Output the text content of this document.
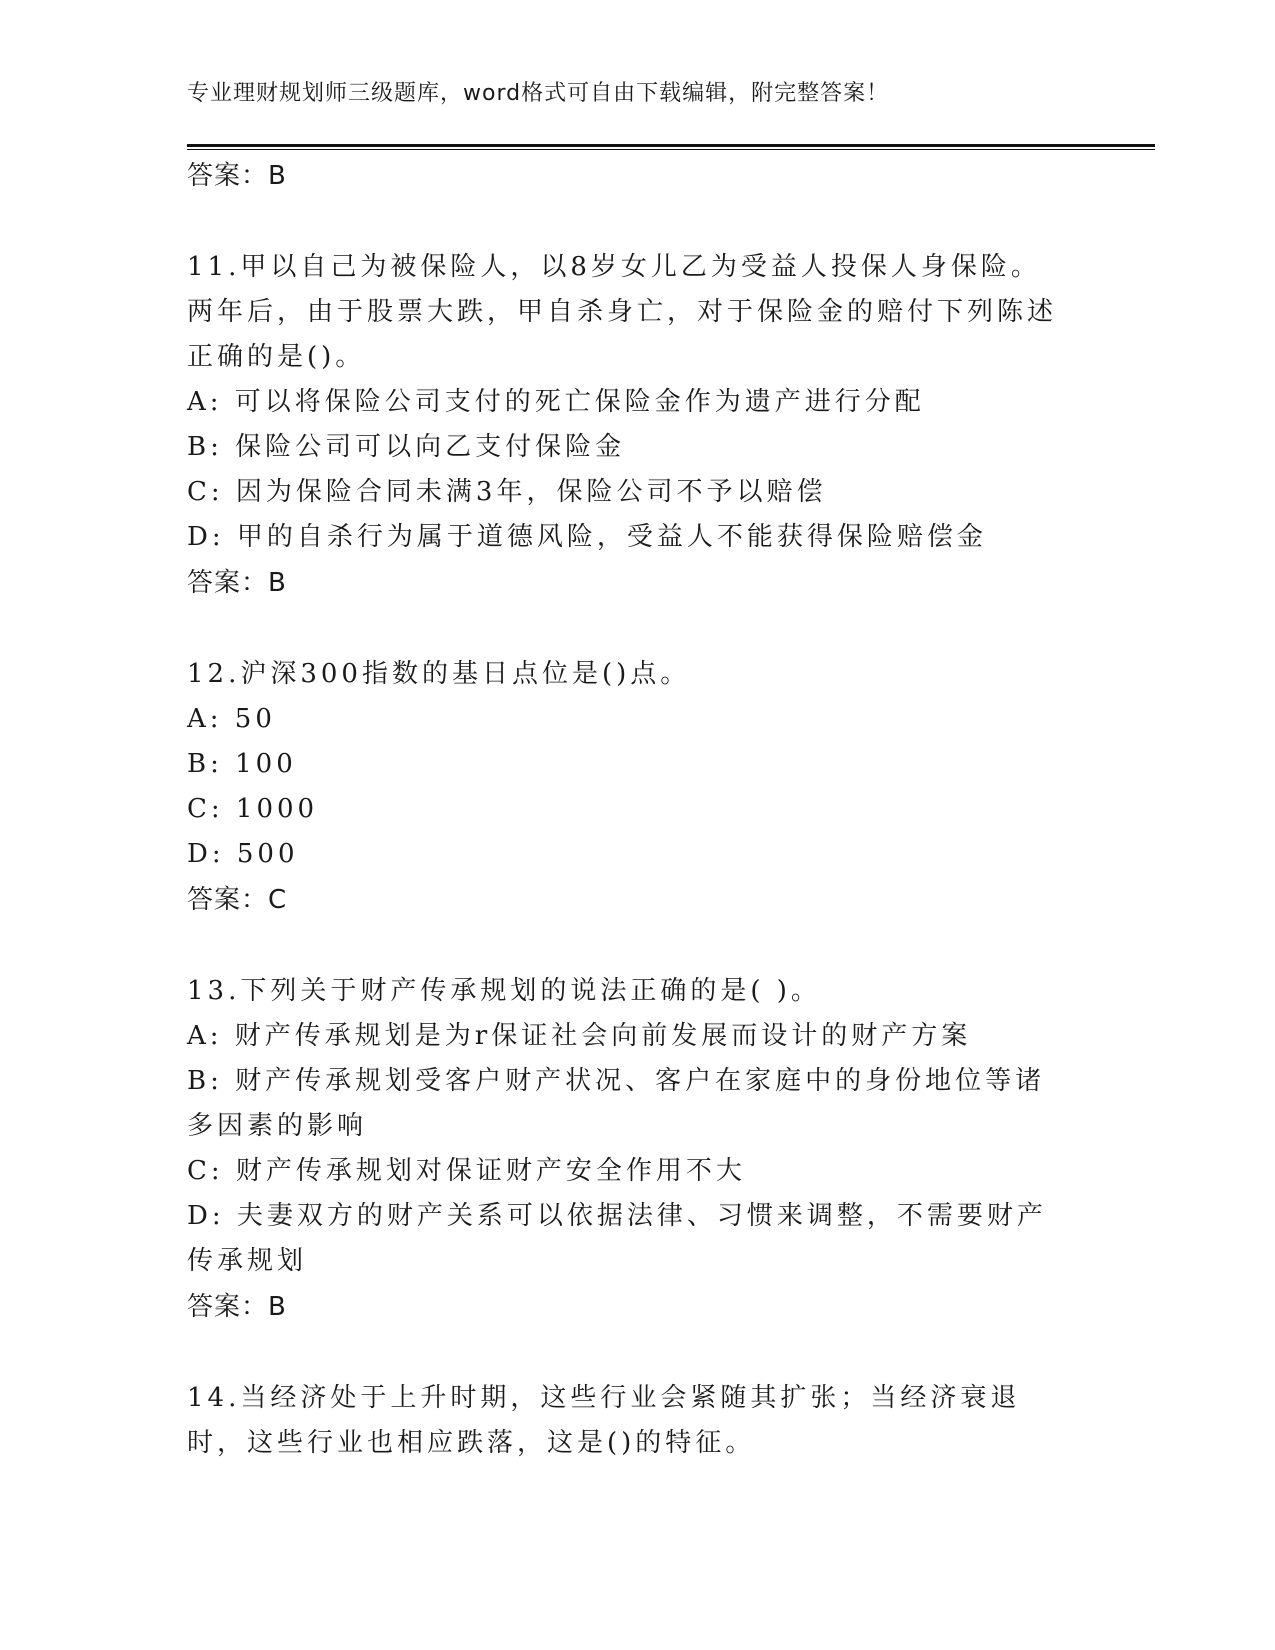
专业理财规划师三级题库，word格式可自由下载编辑，附完整答案！
答案：B
11.甲以自己为被保险人，以8岁女儿乙为受益人投保人身保险。两年后，由于股票大跌，甲自杀身亡，对于保险金的赔付下列陈述正确的是()。
A: 可以将保险公司支付的死亡保险金作为遗产进行分配
B: 保险公司可以向乙支付保险金
C: 因为保险合同未满3年，保险公司不予以赔偿
D: 甲的自杀行为属于道德风险，受益人不能获得保险赔偿金
答案：B
12.沪深300指数的基日点位是()点。
A: 50
B: 100
C: 1000
D: 500
答案：C
13.下列关于财产传承规划的说法正确的是( )。
A: 财产传承规划是为r保证社会向前发展而设计的财产方案
B: 财产传承规划受客户财产状况、客户在家庭中的身份地位等诸多因素的影响
C: 财产传承规划对保证财产安全作用不大
D: 夫妻双方的财产关系可以依据法律、习惯来调整，不需要财产传承规划
答案：B
14.当经济处于上升时期，这些行业会紧随其扩张；当经济衰退时，这些行业也相应跌落，这是()的特征。
